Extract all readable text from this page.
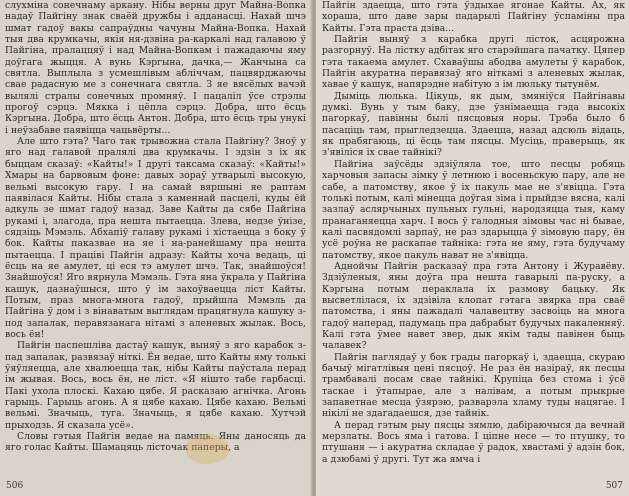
слухміна сонечнаму аркану. Нібы верны друг Майна-Вопка надаў Пайгіну знак сваёй дружбы і адданасці. Нахай шчэ шмат гадоў вакы сапраўдны чачуны Майна-Вопка. Нахай тыя два крумкачы, якія ня-дзвіна ра-каркалі над галавою ў Пайгіна, пралаццяў і над Майна-Вопкам і пажадаючы яму доўгага жыцця. А вунь Кэргына, дачка,— Жанчына са святла. Выплыла з усмешлівым абліччам, пацвярджаючы свае радасную ме з сонечнага святла. З яе вясёлых вачэй вылялі стралы сонечных промняў. І пацаліл ўсе стрэлы прогоў сэрцэ. Мякка і цёпла сэрцэ. Добра, што ёсць Кэргына. Добра, што ёсць Антон. Добра, што ёсць тры унукі і неўзабаве паявіцца чацьвёрты...

Але што гэта? Чаго так трывожна стала Пайгіну? Зноў у яго над галавой пралялі два крумкачы. І здзін з іх як быццам сказаў: «Кайты!» І другі таксама сказаў: «Кайты!» Хмары на барвовым фоне: давых зораў утварылі высокую, вельмі высокую гару. І на самай вяршыні яе раптам паявілася Кайты. Нібы стала з каменнай пасцелі, куды ёй адкуль зе шмат гадоў назад. Заве Кайты да сябе Пайгіна рукамі і, злагода, пра нешта пытаецца. Злева, недзе ўнізе, сядзіць Мэмэль. Абхапіў галаву рукамі і хістаецца з боку ў бок. Кайты паказвае на яе і на-ранейшаму пра нешта пытаецца. І праціві Пайгін адразу: Кайты хоча ведаць, ці ёсць на яе амулет, ці еся тэ амулет шчэ. Так, знайшоўся! Знайшоўся! Яго вярнула Мэмэль. Гэта яна ўкрала у Пайгіна кашук, дазнаўшыся, што ў ім захоўваецца ліст Кайты. Потым, праз многа-многа гадоў, прыйшла Мэмэль да Пайгіна ў дом і з вінаватым выглядам працягнула кашуку з-под запалак, перавязанага нітамі з аленевых жылак. Вось, вось ён!

Пайгін паспешліва дастаў кашук, выняў з яго карабок з-пад запалак, развязаў ніткі. Ён ведае, што Кайты яму толькі ўяўляецца, але хвалюецца так, нібы Кайты паўстала перад ім жывая. Вось, вось ён, не ліст. «Я нішто табе гарбасці. Пакі ухола плоскі. Кахаю цябе. Я расказаю агнічка. Агонь гарыць. Гарыць агонь. А я цябе кахаю. Цябе кахаю. Вельмі вельмі. Значыць, туга. Значыць, я цябе кахаю. Хутчэй прыходзь. Я сказала усё».

Словы гэтыя Пайгін ведае на памяць. Яны даносяць да яго голас Кайты. Шамацяць лісточак паперы, а

506

Пайгін здаецца, што гэта ўздыхае ягонае Кайты. Ах, як хораша, што даве зары падарылі Пайгіну ўспаміны пра Кайты. Гэта праста дзіва...

Пайгін выняў з карабка другі лісток, асцярожна разгорнуў. На лістку адбітак яго старэйшага пачатку. Цяпер гэта такаема амулет. Схаваўшы абодва амулеты ў карабок, Пайгін акуратна перавязаў яго ніткамі з аленевых жылак, хавае ў кашук, напярэдне набітую з ім люльку тытунём.

Дыміць люлька. Цікуць, як дым, змяніўся Пайгінавы думкі. Вунь у тым баку, дзе ўзнімаецца гэда высокіх пагоркаў, павінны былі пясцовыя норы. Трэба было б пасаціць там, прыгледзецца. Здаецца, назад адсюль відаць, як прабягаюць, ці ёсць там пясцы. Мусіць, праверыць, як з'явіліся іх свае тайнікі?

Пайгіна заўсёды здзіўляла тое, што песцы робяць харчовыя запасы зімку ў летнюю і восеньскую пару, але не сабе, а патомству, якое ў іх пакуль мае не з'явіцца. Гэта толькі потым, калі мінецца доўгая зіма і прыйдзе вясна, калі зазлаў аслярчыных пульных гульні, народзяцца тыя, каму пранаганяецца харч. І вось ў галодныя зімовы час ні бывае, калі пасвядомлі зарпаў, не раз здарыцца ў зімовую пару, ён усё роўна не раскапае тайніка: гэта не яму, гэта будучаму патомству, якое пакуль нават не з'явіцца.

Аднойчы Пайгін расказаў пра гэта Антону і Журавёву. Здзіўленыя, яны доўга пра нешта гаварылі па-руску, а Кэргына потым пераклала іх размову бацьку. Як высветлілася, іх здзівіла клопат гэтага звярка пра сваё патомства, і яны пажадалі чалавецтву засвоіць на многа гадоў наперад, падумаць пра дабрабыт будучых пакаленняў. Калі гэта ўмее навет звер, дык якім тады павінен быць чалавек?

Пайгін паглядаў у бок грады пагоркаў і, здаецца, скураю бачыў мігатлівыя цені пясцоў. Не раз ён назіраў, як песцы трамбавалі посам свае тайнікі. Крупіца без стома і ўсё таскае і ўтапырае, але з налівам, а потым прыкрые запаветнае месца ўзярэю, разварэла хламу туды нацягае. І нікілі не здагадаешся, дзе тайнік.

А перад гэтым рыу пясцы зямлю, дабіраючыся да вечнай мерзлаты. Вось яма і гатова. І ціпне несе — то птушку, то птушаня — і акуратна складае ў радок, хвастамі ў адзін бок, а дзюбамі ў другі. Тут жа ямча і

507
